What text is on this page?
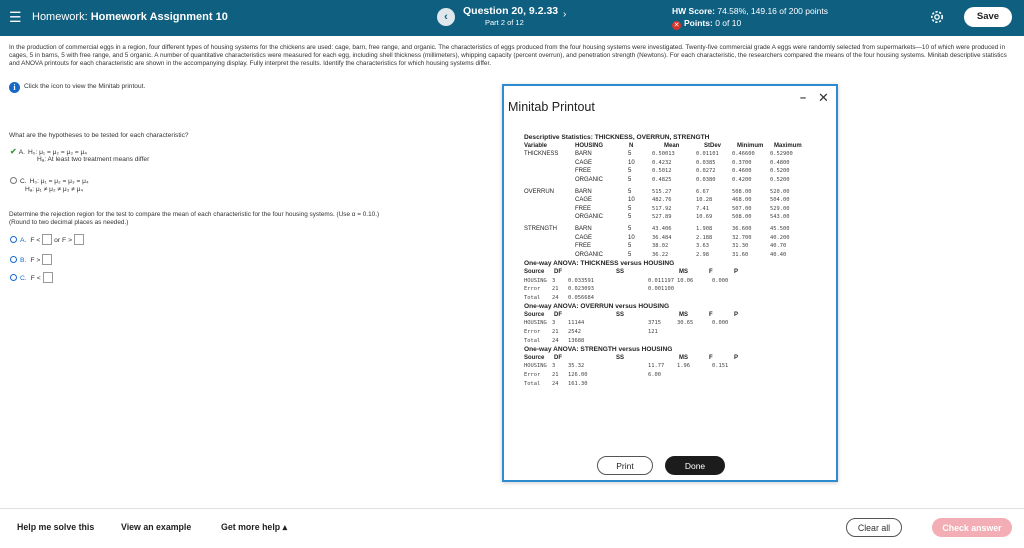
☰ Homework: Homework Assignment 10	‹	Question 20, 9.2.33
Part 2 of 12
›	HW Score: 74.58%, 149.16 of 200 points
✕ Points: 0 of 10
Save
In the production of commercial eggs in a region, four different types of housing systems for the chickens are used: cage, barn, free range, and organic. The characteristics of eggs produced from the four housing systems were investigated. Twenty-five commercial grade A eggs were randomly selected from supermarkets—10 of which were produced in cages, 5 in barns, 5 with free range, and 5 organic. A number of quantitative characteristics were measured for each egg, including shell thickness (millimeters), whipping capacity (percent overrun), and penetration strength (Newtons). For each characteristic, the researchers compared the means of the four housing systems. Minitab descriptive statistics and ANOVA printouts for each characteristic are shown in the accompanying display. Fully interpret the results. Identify the characteristics for which housing systems differ.
i Click the icon to view the Minitab printout.
What are the hypotheses to be tested for each characteristic?
✔ A. H₀: μ₁ = μ₂ = μ₃ = μ₄
Hₐ: At least two treatment means differ
C. H₀: μ₁ = μ₂ = μ₃ = μ₄
Hₐ: μ₁ ≠ μ₂ ≠ μ₃ ≠ μ₄
Determine the rejection region for the test to compare the mean of each characteristic for the four housing systems. (Use α = 0.10.)
(Round to two decimal places as needed.)
A. F < or F >
B. F >
C. F <
Minitab Printout
– ✕
Descriptive Statistics: THICKNESS, OVERRUN, STRENGTH
Variable	HOUSING	N	Mean	StDev	Minimum Maximum
THICKNESS	BARN	5	0.50013	0.01101 0.46600	0.52900
CAGE	10	0.4232	0.0385	0.3700	0.4800
FREE	5	0.5012	0.0272	0.4600	0.5200
ORGANIC	5	0.4825	0.0380	0.4200	0.5200
OVERRUN	BARN	5	515.27	6.67	508.00	520.00
CAGE	10	482.76	10.28	468.00	504.00
FREE	5	517.92	7.41	507.00	529.00
ORGANIC	5	527.89	10.69	508.00	543.00
STRENGTH	BARN	5	43.406	1.908	36.600	45.500
CAGE	10	36.484	2.188	32.700	40.200
FREE	5	38.02	3.63	31.30	40.70
ORGANIC	5	36.22	2.98	31.60	40.40
One-way ANOVA: THICKNESS versus HOUSING
Source DF	SS	MS	F	P
HOUSING 3 0.033591	0.011197 10.06	0.000
Error 21 0.023093	0.001100
Total 24 0.056684
One-way ANOVA: OVERRUN versus HOUSING
Source DF	SS	MS	F	P
HOUSING 3 11144	3715	30.65	0.000
Error 21 2542	121
Total 24 13688
One-way ANOVA: STRENGTH versus HOUSING
Source DF	SS	MS	F	P
HOUSING 3 35.32	11.77 1.96	0.151
Error 21 126.00	6.00
Total 24 161.30
Print	Done
Help me solve this	View an example	Get more help ▴	Clear all	Check answer
